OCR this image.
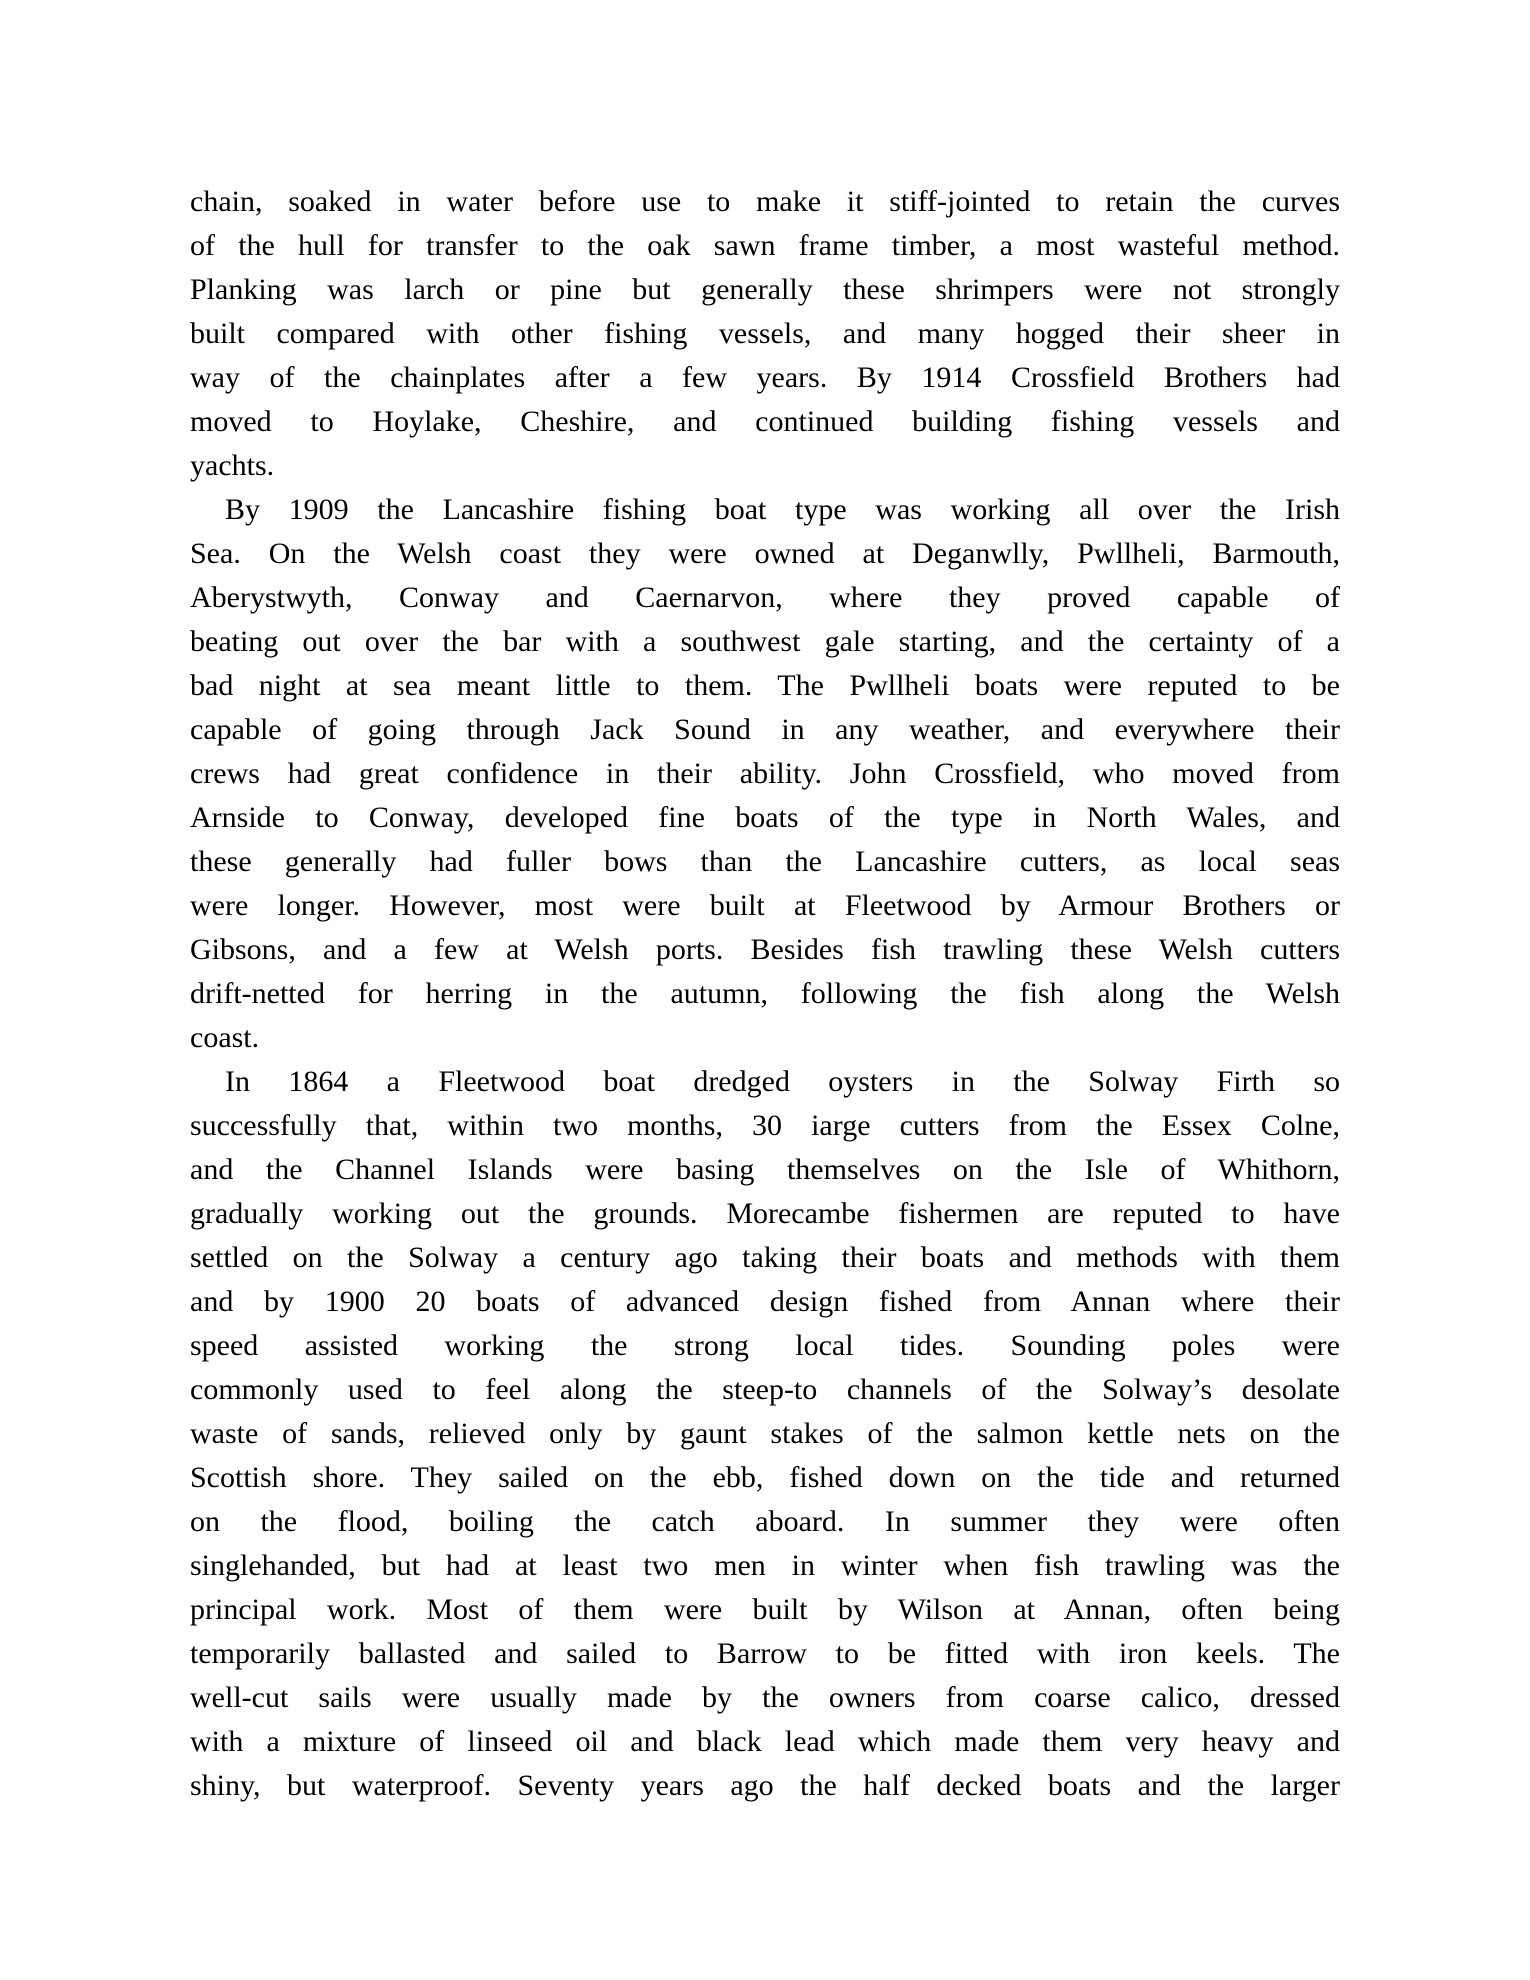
chain, soaked in water before use to make it stiff-jointed to retain the curves
of the hull for transfer to the oak sawn frame timber, a most wasteful method.
Planking was larch or pine but generally these shrimpers were not strongly
built compared with other fishing vessels, and many hogged their sheer in
way of the chainplates after a few years. By 1914 Crossfield Brothers had
moved to Hoylake, Cheshire, and continued building fishing vessels and
yachts.
By 1909 the Lancashire fishing boat type was working all over the Irish
Sea. On the Welsh coast they were owned at Deganwlly, Pwllheli, Barmouth,
Aberystwyth, Conway and Caernarvon, where they proved capable of
beating out over the bar with a southwest gale starting, and the certainty of a
bad night at sea meant little to them. The Pwllheli boats were reputed to be
capable of going through Jack Sound in any weather, and everywhere their
crews had great confidence in their ability. John Crossfield, who moved from
Arnside to Conway, developed fine boats of the type in North Wales, and
these generally had fuller bows than the Lancashire cutters, as local seas
were longer. However, most were built at Fleetwood by Armour Brothers or
Gibsons, and a few at Welsh ports. Besides fish trawling these Welsh cutters
drift-netted for herring in the autumn, following the fish along the Welsh
coast.
In 1864 a Fleetwood boat dredged oysters in the Solway Firth so
successfully that, within two months, 30 iarge cutters from the Essex Colne,
and the Channel Islands were basing themselves on the Isle of Whithorn,
gradually working out the grounds. Morecambe fishermen are reputed to have
settled on the Solway a century ago taking their boats and methods with them
and by 1900 20 boats of advanced design fished from Annan where their
speed assisted working the strong local tides. Sounding poles were
commonly used to feel along the steep-to channels of the Solway’s desolate
waste of sands, relieved only by gaunt stakes of the salmon kettle nets on the
Scottish shore. They sailed on the ebb, fished down on the tide and returned
on the flood, boiling the catch aboard. In summer they were often
singlehanded, but had at least two men in winter when fish trawling was the
principal work. Most of them were built by Wilson at Annan, often being
temporarily ballasted and sailed to Barrow to be fitted with iron keels. The
well-cut sails were usually made by the owners from coarse calico, dressed
with a mixture of linseed oil and black lead which made them very heavy and
shiny, but waterproof. Seventy years ago the half decked boats and the larger
